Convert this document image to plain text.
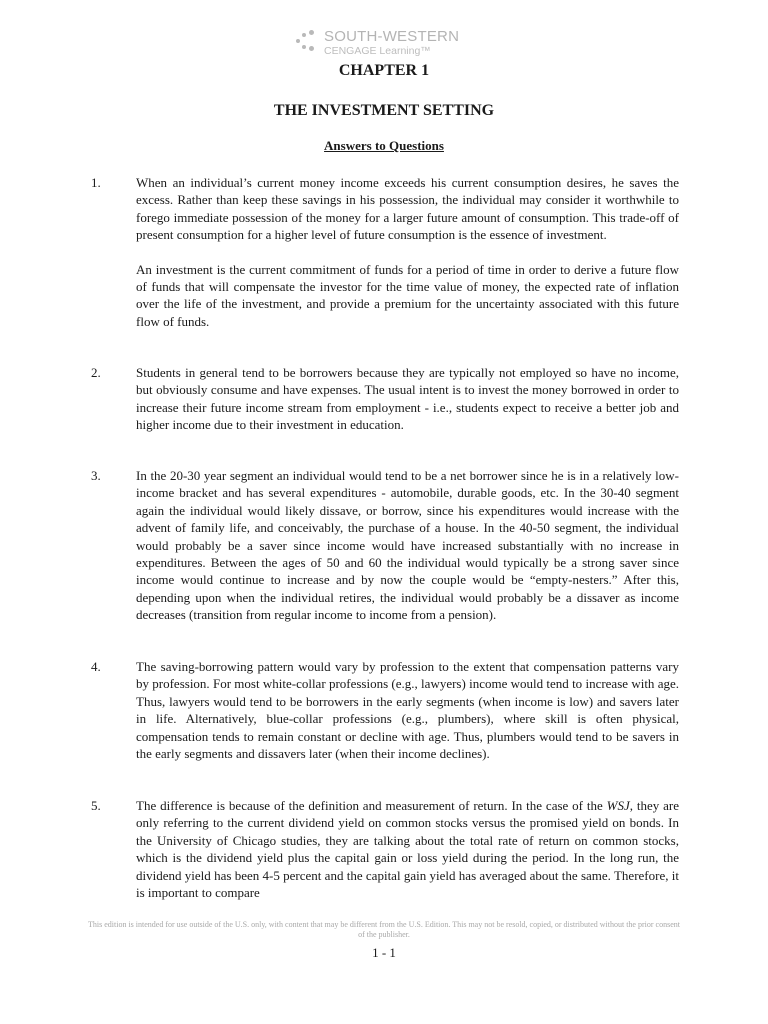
SOUTH-WESTERN
CENGAGE Learning™
CHAPTER 1
THE INVESTMENT SETTING
Answers to Questions
1.	When an individual’s current money income exceeds his current consumption desires, he saves the excess. Rather than keep these savings in his possession, the individual may consider it worthwhile to forego immediate possession of the money for a larger future amount of consumption. This trade-off of present consumption for a higher level of future consumption is the essence of investment.

An investment is the current commitment of funds for a period of time in order to derive a future flow of funds that will compensate the investor for the time value of money, the expected rate of inflation over the life of the investment, and provide a premium for the uncertainty associated with this future flow of funds.

2.	Students in general tend to be borrowers because they are typically not employed so have no income, but obviously consume and have expenses. The usual intent is to invest the money borrowed in order to increase their future income stream from employment - i.e., students expect to receive a better job and higher income due to their investment in education.

3.	In the 20-30 year segment an individual would tend to be a net borrower since he is in a relatively low-income bracket and has several expenditures - automobile, durable goods, etc. In the 30-40 segment again the individual would likely dissave, or borrow, since his expenditures would increase with the advent of family life, and conceivably, the purchase of a house. In the 40-50 segment, the individual would probably be a saver since income would have increased substantially with no increase in expenditures. Between the ages of 50 and 60 the individual would typically be a strong saver since income would continue to increase and by now the couple would be “empty-nesters.” After this, depending upon when the individual retires, the individual would probably be a dissaver as income decreases (transition from regular income to income from a pension).

4.	The saving-borrowing pattern would vary by profession to the extent that compensation patterns vary by profession. For most white-collar professions (e.g., lawyers) income would tend to increase with age. Thus, lawyers would tend to be borrowers in the early segments (when income is low) and savers later in life. Alternatively, blue-collar professions (e.g., plumbers), where skill is often physical, compensation tends to remain constant or decline with age. Thus, plumbers would tend to be savers in the early segments and dissavers later (when their income declines).

5.	The difference is because of the definition and measurement of return. In the case of the WSJ, they are only referring to the current dividend yield on common stocks versus the promised yield on bonds. In the University of Chicago studies, they are talking about the total rate of return on common stocks, which is the dividend yield plus the capital gain or loss yield during the period. In the long run, the dividend yield has been 4-5 percent and the capital gain yield has averaged about the same. Therefore, it is important to compare

This edition is intended for use outside of the U.S. only, with content that may be different from the U.S. Edition. This may not be resold, copied, or distributed without the prior consent of the publisher.
1 - 1
